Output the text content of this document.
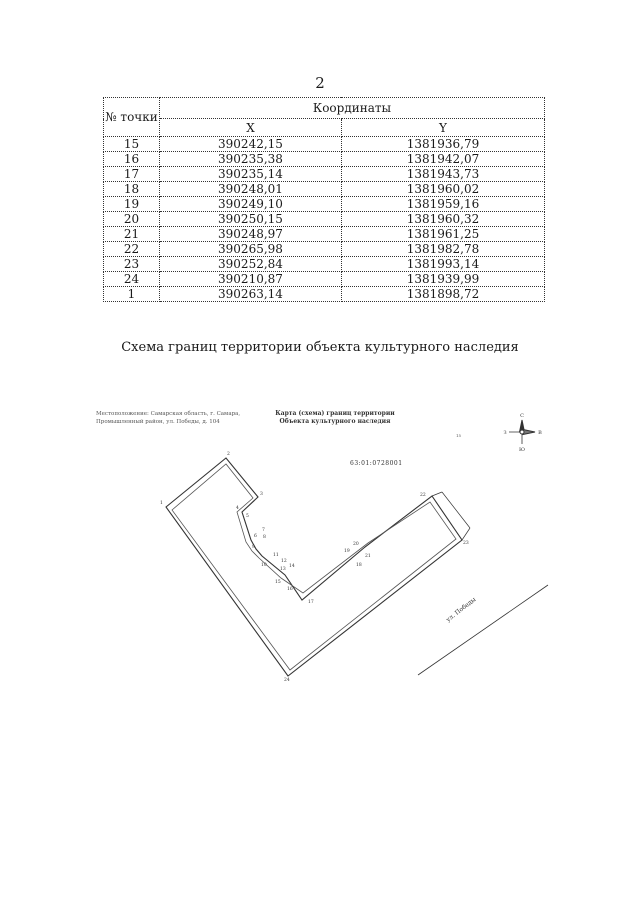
2
№ точки	Координаты	
	X	Y
15	390242,15	1381936,79
16	390235,38	1381942,07
17	390235,14	1381943,73
18	390248,01	1381960,02
19	390249,10	1381959,16
20	390250,15	1381960,32
21	390248,97	1381961,25
22	390265,98	1381982,78
23	390252,84	1381993,14
24	390210,87	1381939,99
1	390263,14	1381898,72
Схема границ территории объекта культурного наследия
Местоположение: Самарская область, г. Самара,
Промышленный район, ул. Победы, д. 104
Карта (схема) границ территории
Объекта культурного наследия
63:01:0728001
С
Ю
З	В
15
ул. Победы
1
2
3
4
5
6
7
8
9
10
11
12
13
14
15
16
17
18
19
20
21
22
23
24
